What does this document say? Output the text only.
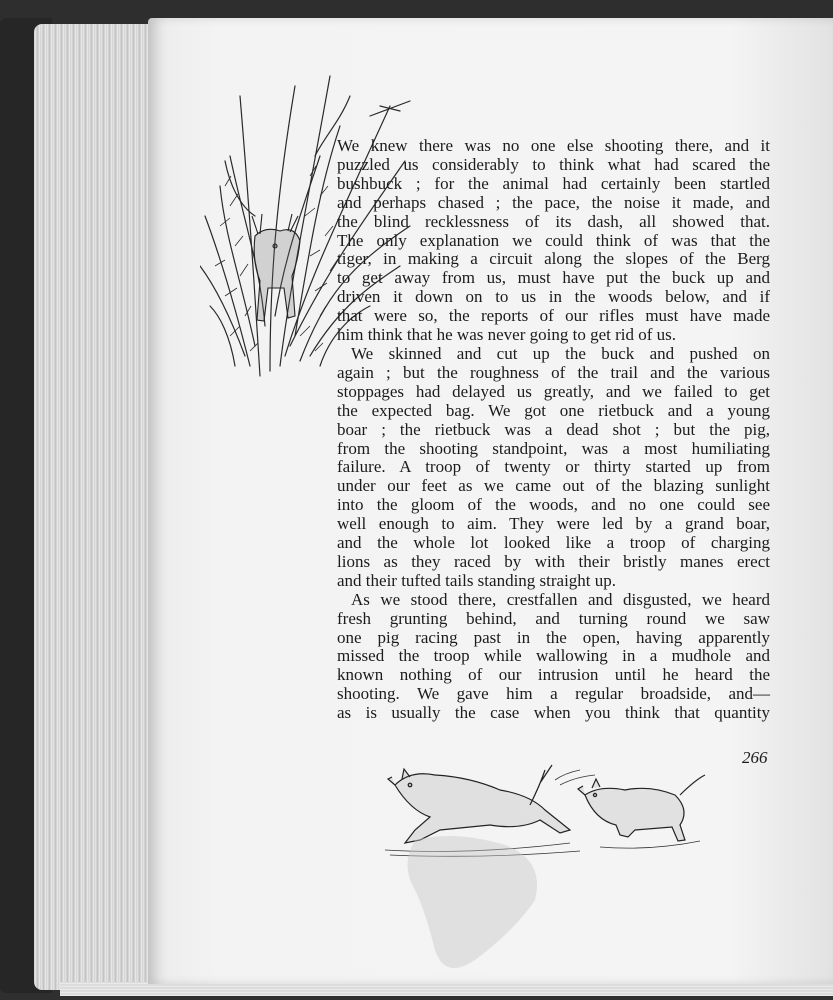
We knew there was no one else shooting there, and it
puzzled us considerably to think what had scared the
bushbuck ; for the animal had certainly been startled
and perhaps chased ; the pace, the noise it made, and
the blind recklessness of its dash, all showed that.
The only explanation we could think of was that the
tiger, in making a circuit along the slopes of the Berg
to get away from us, must have put the buck up and
driven it down on to us in the woods below, and if
that were so, the reports of our rifles must have made
him think that he was never going to get rid of us.
We skinned and cut up the buck and pushed on
again ; but the roughness of the trail and the various
stoppages had delayed us greatly, and we failed to get
the expected bag. We got one rietbuck and a young
boar ; the rietbuck was a dead shot ; but the pig,
from the shooting standpoint, was a most humiliating
failure. A troop of twenty or thirty started up from
under our feet as we came out of the blazing sunlight
into the gloom of the woods, and no one could see
well enough to aim. They were led by a grand boar,
and the whole lot looked like a troop of charging
lions as they raced by with their bristly manes erect
and their tufted tails standing straight up.
As we stood there, crestfallen and disgusted, we heard
fresh grunting behind, and turning round we saw
one pig racing past in the open, having apparently
missed the troop while wallowing in a mudhole and
known nothing of our intrusion until he heard the
shooting. We gave him a regular broadside, and—
as is usually the case when you think that quantity
266
